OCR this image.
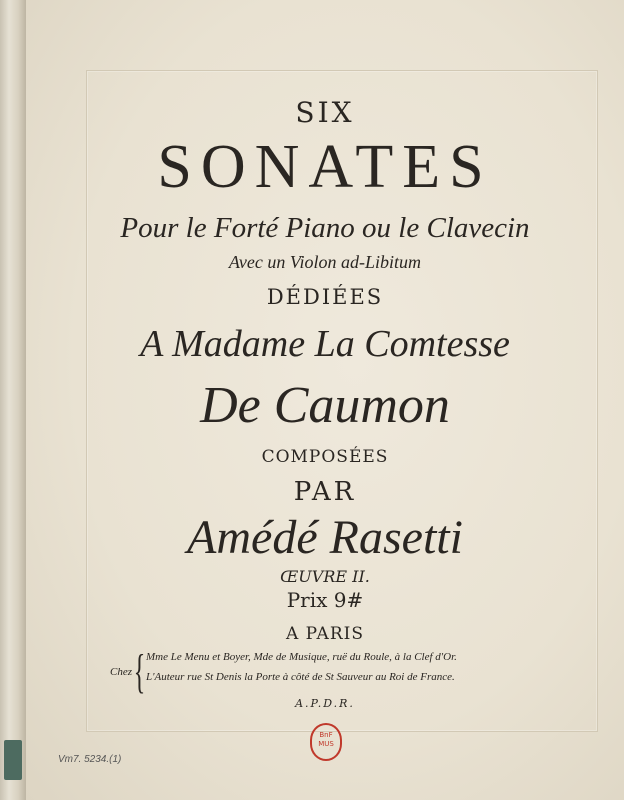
SIX

SONATES

Pour le Forté Piano ou le Clavecin

Avec un Violon ad-Libitum

DÉDIÉES

A Madame La Comtesse

De Caumon

COMPOSÉES

PAR

Amédé Rasetti

ŒUVRE II.

Prix 9#

A PARIS

Chez { Mme Le Menu et Boyer, Mde de Musique, ruë du Roule, à la Clef d'Or.
L'Auteur rue St Denis la Porte à côté de St Sauveur au Roi de France.

A.P.D.R.

BnF
MUS
Vm7. 5234.(1)
